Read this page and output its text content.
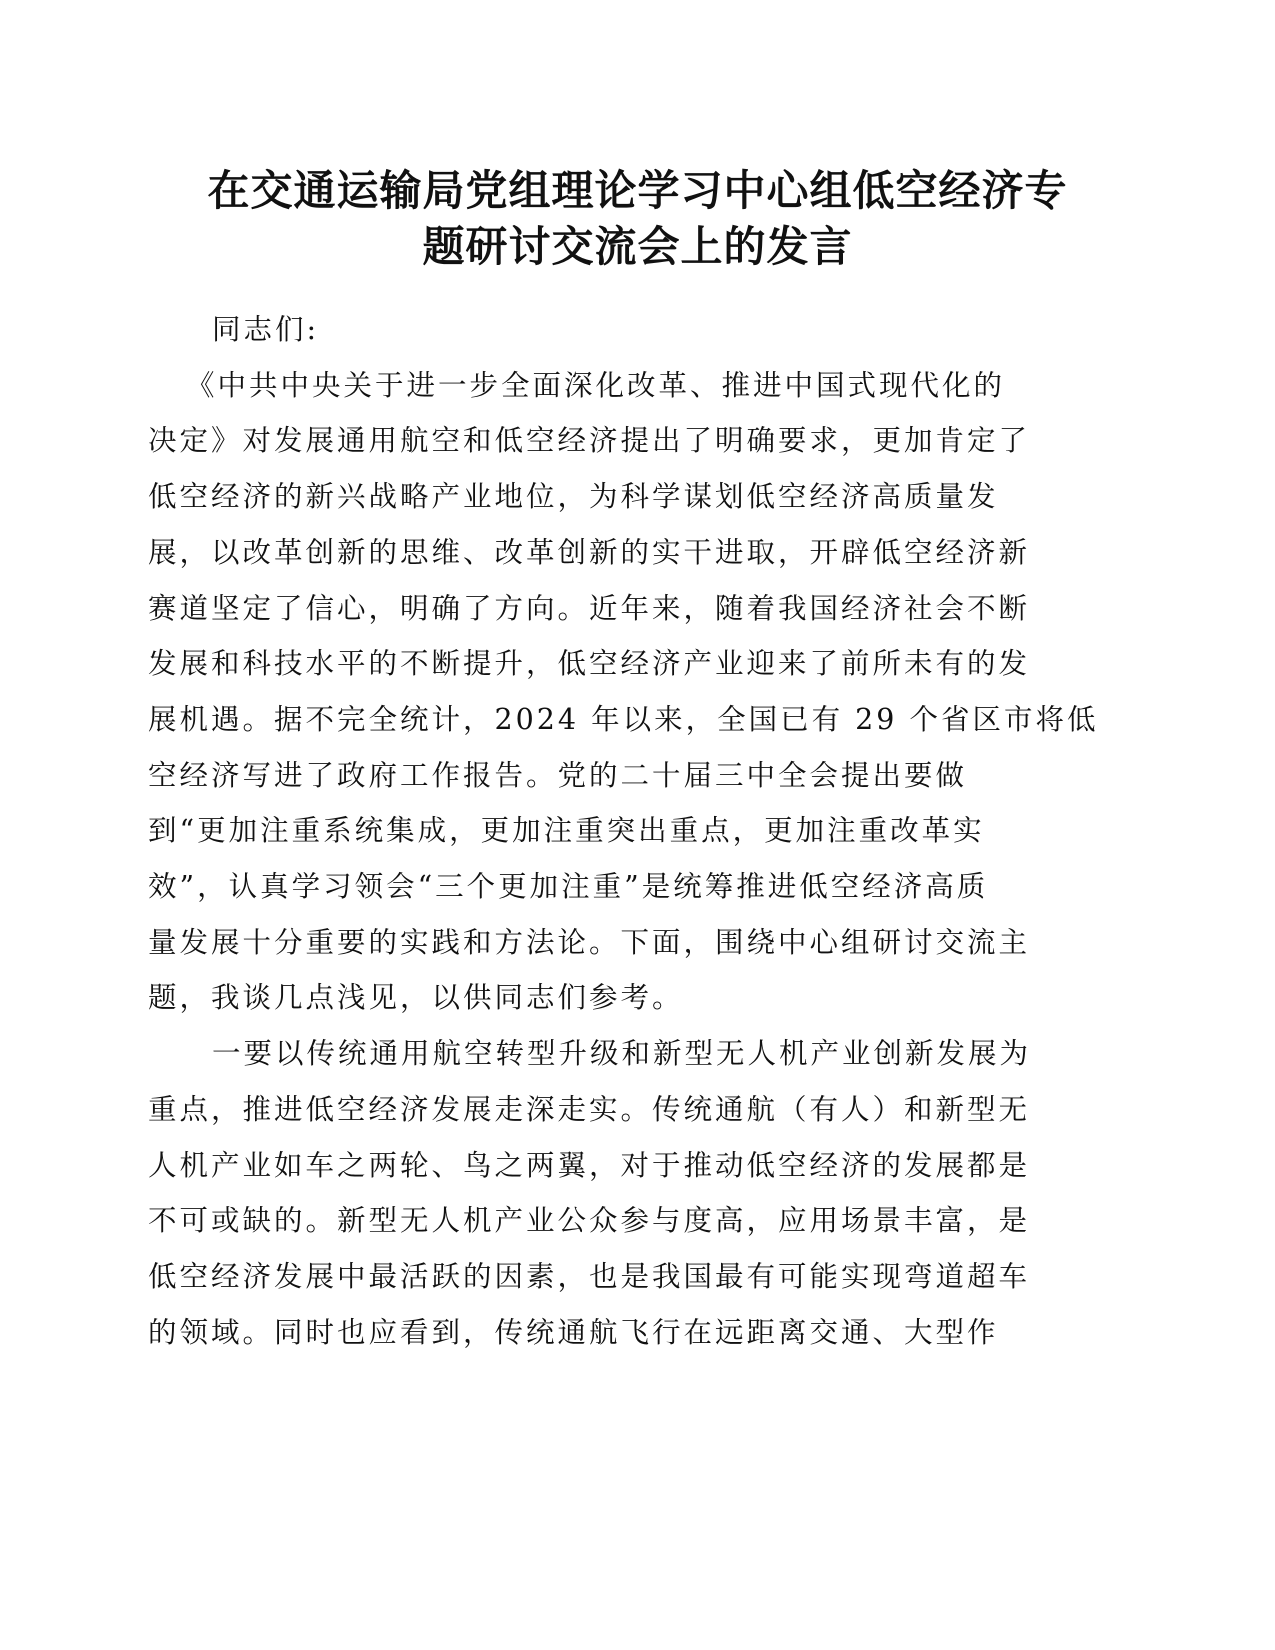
在交通运输局党组理论学习中心组低空经济专
题研讨交流会上的发言
同志们:
《中共中央关于进一步全面深化改革、推进中国式现代化的
决定》对发展通用航空和低空经济提出了明确要求，更加肯定了
低空经济的新兴战略产业地位，为科学谋划低空经济高质量发
展，以改革创新的思维、改革创新的实干进取，开辟低空经济新
赛道坚定了信心，明确了方向。近年来，随着我国经济社会不断
发展和科技水平的不断提升，低空经济产业迎来了前所未有的发
展机遇。据不完全统计，2024 年以来，全国已有 29 个省区市将低
空经济写进了政府工作报告。党的二十届三中全会提出要做
到“更加注重系统集成，更加注重突出重点，更加注重改革实
效”，认真学习领会“三个更加注重”是统筹推进低空经济高质
量发展十分重要的实践和方法论。下面，围绕中心组研讨交流主
题，我谈几点浅见，以供同志们参考。
一要以传统通用航空转型升级和新型无人机产业创新发展为
重点，推进低空经济发展走深走实。传统通航（有人）和新型无
人机产业如车之两轮、鸟之两翼，对于推动低空经济的发展都是
不可或缺的。新型无人机产业公众参与度高，应用场景丰富，是
低空经济发展中最活跃的因素，也是我国最有可能实现弯道超车
的领域。同时也应看到，传统通航飞行在远距离交通、大型作
